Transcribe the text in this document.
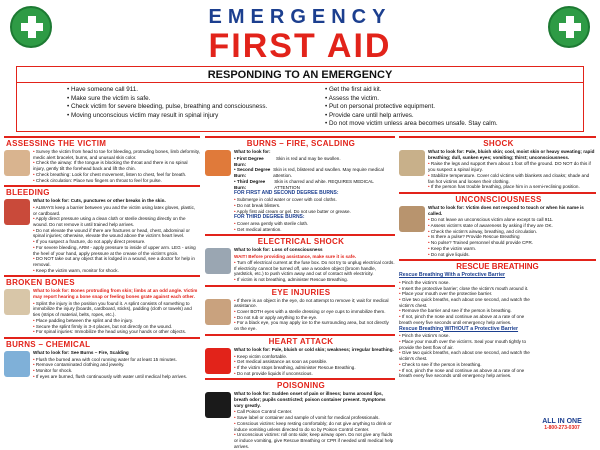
EMERGENCY
FIRST AID
RESPONDING TO AN EMERGENCY
• Have someone call 911.
• Make sure the victim is safe.
• Check victim for severe bleeding, pulse, breathing and consciousness.
• Moving unconscious victim may result in spinal injury
• Get the first aid kit.
• Assess the victim.
• Put on personal protective equipment.
• Provide care until help arrives.
• Do not move victim unless area becomes unsafe. Stay calm.
ASSESSING THE VICTIM
• Survey the victim from head to toe for bleeding, protruding bones, limb deformity, medic alert bracelet, burns, and unusual skin color.
• Check the airway: If the tongue is blocking the throat and there is no spinal injury, gently tilt the forehead back and lift the chin.
• Check breathing: Look for chest movement, listen to chest, feel for breath.
• Check circulation: Place two fingers on throat to feel for pulse.
BLEEDING
What to look for: Cuts, punctures or other breaks in the skin.
• ALWAYS keep a barrier between you and the victim using latex gloves, plastic, or cardboard.
• Apply direct pressure using a clean cloth or sterile dressing directly on the wound. Do not remove it until trained help arrives.
• Do not elevate the wound if there are fractures or head, chest, abdominal or spinal injuries; otherwise, elevate the wound above the victim's heart level.
• If you suspect a fracture, do not apply direct pressure.
• For severe bleeding, ARM - apply pressure to inside of upper arm. LEG - using the heel of your hand, apply pressure at the crease of the victim's groin.
• DO NOT take out any object that is lodged in a wound, see a doctor for help in removal.
• Keep the victim warm, monitor for shock.
BROKEN BONES
What to look for: Bones protruding from skin; limbs at an odd angle. Victim may report hearing a bone snap or feeling bones grate against each other.
• Splint the injury in the position you found it. A splint consists of something to immobilize the injury (boards, cardboard, sticks), padding (cloth or towels) and ties (strips of material, belts, ropes, etc.).
• Place padding between the splint and the injury.
• Secure the splint firmly in 3-4 places, but not directly on the wound.
• For spinal injuries: Immobilize the head using your hands or other objects.
BURNS – CHEMICAL
What to look for: See Burns – Fire, Scalding
• Flush the burned area with cool running water for at least 15 minutes.
• Remove contaminated clothing and jewelry.
• Monitor for shock.
• If eyes are burned, flush continuously with water until medical help arrives.
BURNS – FIRE, SCALDING
What to look for:
• First Degree Burn:
Skin is red and may be swollen.
• Second Degree Burn:
Skin is red, blistered and swollen. May require medical attention.
• Third Degree Burn:
Skin is charred and white. REQUIRES MEDICAL ATTENTION
FOR FIRST AND SECOND DEGREE BURNS:
• Submerge in cold water or cover with cool cloths.
• Do not break blisters.
• Apply first aid cream or gel. Do not use butter or grease.
FOR THIRD DEGREE BURNS:
• Cover area gently with sterile cloth.
• Get medical attention.
ELECTRICAL SHOCK
What to look for: Loss of consciousness
WAIT! Before providing assistance, make sure it is safe.
• Turn off electrical current at the fuse box. Do not try to unplug electrical cords. If electricity cannot be turned off, use a wooden object (broom handle, yardstick, etc.) to push victim away and out of contact with electricity.
• If victim is not breathing, administer Rescue Breathing.
EYE INJURIES
• If there is an object in the eye, do not attempt to remove it; wait for medical assistance.
• Cover BOTH eyes with a sterile dressing or eye cups to immobilize them.
• Do not rub or apply anything to the eye.
• For a black eye, you may apply ice to the surrounding area, but not directly on the eye.
HEART ATTACK
What to look for: Pale, bluish or cold skin; weakness; irregular breathing.
• Keep victim comfortable.
• Get medical assistance as soon as possible.
• If the victim stops breathing, administer Rescue Breathing.
• Do not provide liquids if unconscious.
POISONING
What to look for: Sudden onset of pain or illness; burns around lips, breath odor; pupils constricted; poison container present. Symptoms vary greatly.
• Call Poison Control Center.
• Save label or container and sample of vomit for medical professionals.
• Conscious victims: keep resting comfortably; do not give anything to drink or induce vomiting unless directed to do so by Poison Control Center.
• Unconscious victims: roll onto side; keep airway open. Do not give any fluids or induce vomiting, give Rescue Breathing or CPR if needed until medical help arrives.
SHOCK
What to look for: Pale, bluish skin; cool, moist skin or heavy sweating; rapid breathing; dull, sunken eyes; vomiting; thirst; unconsciousness.
• Raise the legs and support them about 1 foot off the ground. DO NOT do this if you suspect a spinal injury.
• Stabilize temperature. Cover cold victims with blankets and cloaks; shade and fan hot victims and loosen their clothing.
• If the person has trouble breathing, place him in a semi-reclining position.
UNCONSCIOUSNESS
What to look for: Victim does not respond to touch or when his name is called.
• Do not leave an unconscious victim alone except to call 911.
• Assess victim's state of awareness by asking if they are OK.
• Check the victim's airway, breathing, and circulation.
• Is there a pulse? Provide Rescue Breathing
• No pulse? Trained personnel should provide CPR.
• Keep the victim warm.
• Do not give liquids.
RESCUE BREATHING
Rescue Breathing With a Protective Barrier
• Pinch the victim's nose.
• Insert the protective barrier; close the victim's mouth around it.
• Place your mouth over the protective barrier.
• Give two quick breaths, each about one second, and watch the victim's chest.
• Remove the barrier and see if the person is breathing.
• If not, pinch the nose and continue as above at a rate of one breath every five seconds until emergency help arrives.
Rescue Breathing WITHOUT a Protective Barrier
• Pinch the victim's nose.
• Place your mouth over the victim's. Seal your mouth tightly to provide the best flow of air.
• Give two quick breaths, each about one second, and watch the victim's chest.
• Check to see if the person is breathing.
• If not, pinch the nose and continue as above at a rate of one breath every five seconds until emergency help arrives.
ALL IN ONE
1-800-273-0307
